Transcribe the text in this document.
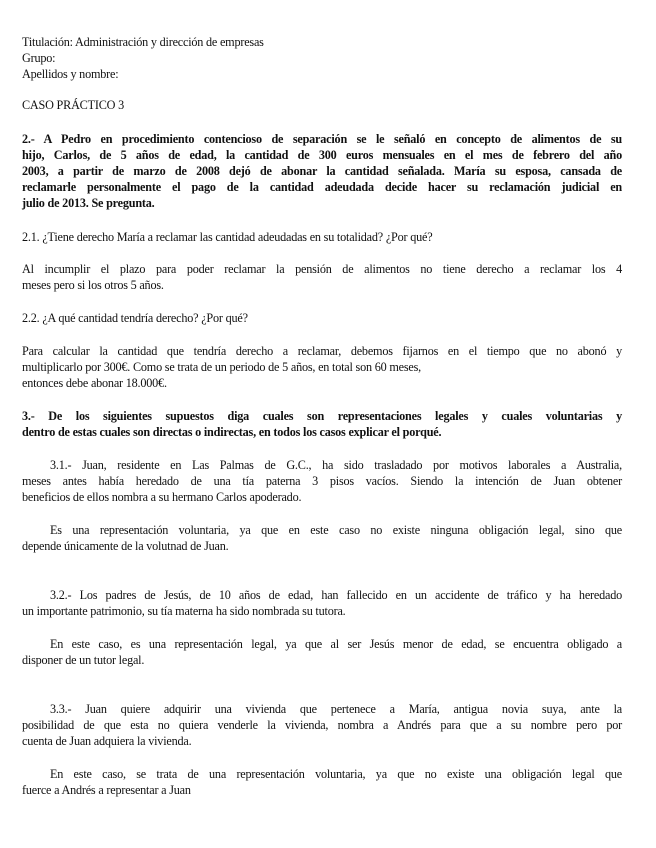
Titulación: Administración y dirección de empresas
Grupo:
Apellidos y nombre:
CASO PRÁCTICO 3
2.- A Pedro en procedimiento contencioso de separación se le señaló en concepto de alimentos de su
hijo, Carlos, de 5 años de edad, la cantidad de 300 euros mensuales en el mes de febrero del año
2003, a partir de marzo de 2008 dejó de abonar la cantidad señalada. María su esposa, cansada de
reclamarle personalmente el pago de la cantidad adeudada decide hacer su reclamación judicial en
julio de 2013. Se pregunta.
2.1. ¿Tiene derecho María a reclamar las cantidad adeudadas en su totalidad? ¿Por qué?
Al incumplir el plazo para poder reclamar la pensión de alimentos no tiene derecho a reclamar los 4
meses pero si los otros 5 años.
2.2. ¿A qué cantidad tendría derecho? ¿Por qué?
Para calcular la cantidad que tendría derecho a reclamar, debemos fijarnos en el tiempo que no abonó y
multiplicarlo por 300€. Como se trata de un periodo de 5 años, en total son 60 meses,
entonces debe abonar 18.000€.
3.- De los siguientes supuestos diga cuales son representaciones legales y cuales voluntarias y
dentro de estas cuales son directas o indirectas, en todos los casos explicar el porqué.
3.1.- Juan, residente en Las Palmas de G.C., ha sido trasladado por motivos laborales a Australia,
meses antes había heredado de una tía paterna 3 pisos vacíos. Siendo la intención de Juan obtener
beneficios de ellos nombra a su hermano Carlos apoderado.
Es una representación voluntaria, ya que en este caso no existe ninguna obligación legal, sino que
depende únicamente de la volutnad de Juan.
3.2.- Los padres de Jesús, de 10 años de edad, han fallecido en un accidente de tráfico y ha heredado
un importante patrimonio, su tía materna ha sido nombrada su tutora.
En este caso, es una representación legal, ya que al ser Jesús menor de edad, se encuentra obligado a
disponer de un tutor legal.
3.3.- Juan quiere adquirir una vivienda que pertenece a María, antigua novia suya, ante la
posibilidad de que esta no quiera venderle la vivienda, nombra a Andrés para que a su nombre pero por
cuenta de Juan adquiera la vivienda.
En este caso, se trata de una representación voluntaria, ya que no existe una obligación legal que
fuerce a Andrés a representar a Juan
